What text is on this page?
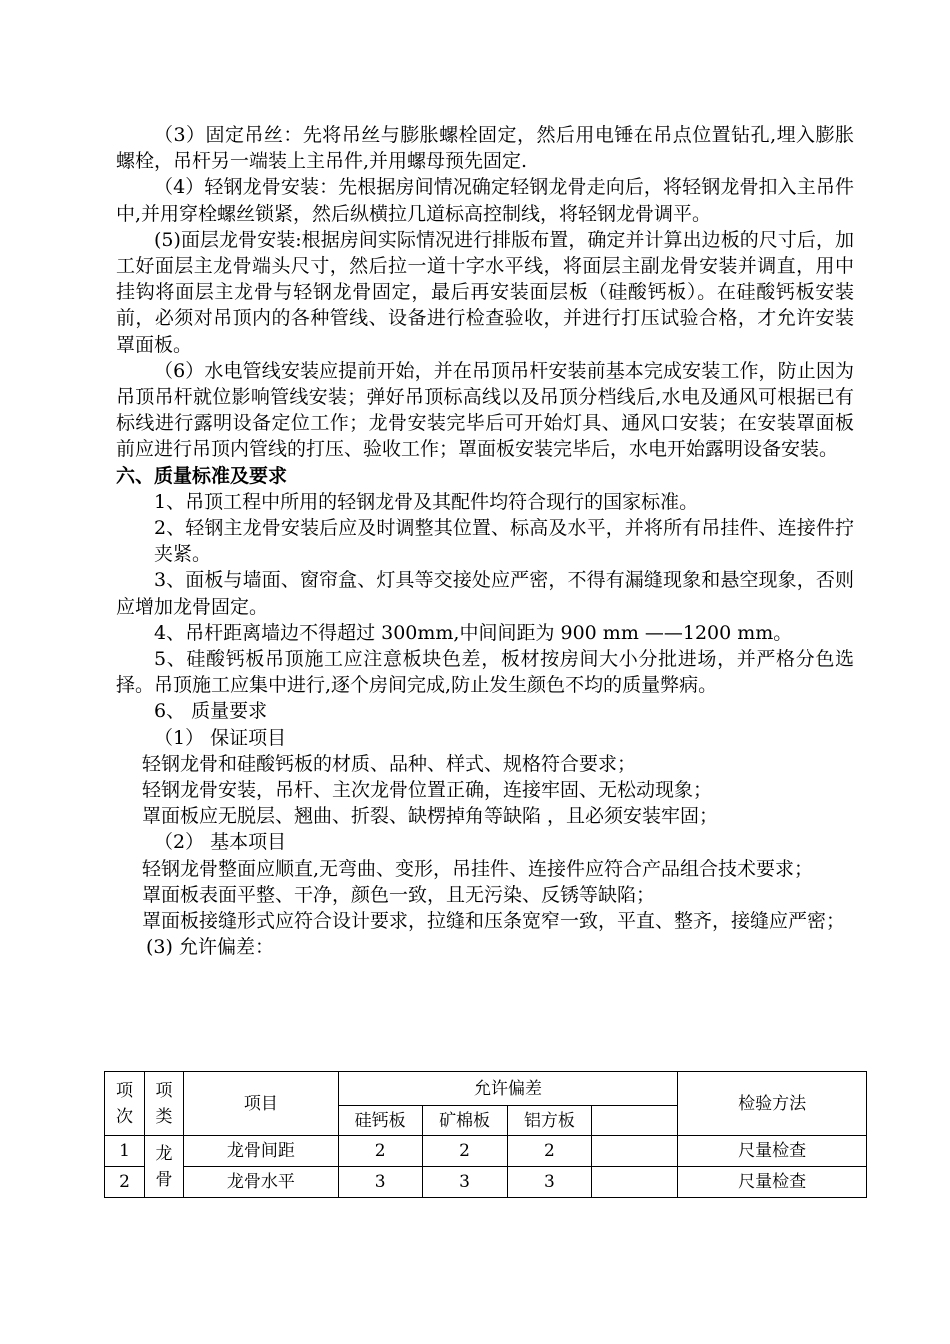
（3）固定吊丝：先将吊丝与膨胀螺栓固定，然后用电锤在吊点位置钻孔,埋入膨胀螺栓，吊杆另一端装上主吊件,并用螺母预先固定.

（4）轻钢龙骨安装：先根据房间情况确定轻钢龙骨走向后，将轻钢龙骨扣入主吊件中,并用穿栓螺丝锁紧，然后纵横拉几道标高控制线，将轻钢龙骨调平。

(5)面层龙骨安装:根据房间实际情况进行排版布置，确定并计算出边板的尺寸后，加工好面层主龙骨端头尺寸，然后拉一道十字水平线，将面层主副龙骨安装并调直，用中挂钩将面层主龙骨与轻钢龙骨固定，最后再安装面层板（硅酸钙板）。在硅酸钙板安装前，必须对吊顶内的各种管线、设备进行检查验收，并进行打压试验合格，才允许安装罩面板。

（6）水电管线安装应提前开始，并在吊顶吊杆安装前基本完成安装工作，防止因为吊顶吊杆就位影响管线安装；弹好吊顶标高线以及吊顶分档线后,水电及通风可根据已有标线进行露明设备定位工作；龙骨安装完毕后可开始灯具、通风口安装；在安装罩面板前应进行吊顶内管线的打压、验收工作；罩面板安装完毕后，水电开始露明设备安装。

六、质量标准及要求

1、吊顶工程中所用的轻钢龙骨及其配件均符合现行的国家标准。

2、轻钢主龙骨安装后应及时调整其位置、标高及水平，并将所有吊挂件、连接件拧夹紧。

3、面板与墙面、窗帘盒、灯具等交接处应严密，不得有漏缝现象和悬空现象，否则应增加龙骨固定。

4、吊杆距离墙边不得超过 300mm,中间间距为 900 mm ——1200 mm。

5、硅酸钙板吊顶施工应注意板块色差，板材按房间大小分批进场，并严格分色选择。吊顶施工应集中进行,逐个房间完成,防止发生颜色不均的质量弊病。

6、 质量要求

（1） 保证项目

轻钢龙骨和硅酸钙板的材质、品种、样式、规格符合要求；

轻钢龙骨安装，吊杆、主次龙骨位置正确，连接牢固、无松动现象；

罩面板应无脱层、翘曲、折裂、缺楞掉角等缺陷 ，且必须安装牢固；

（2） 基本项目

轻钢龙骨整面应顺直,无弯曲、变形，吊挂件、连接件应符合产品组合技术要求；

罩面板表面平整、干净，颜色一致，且无污染、反锈等缺陷；

罩面板接缝形式应符合设计要求，拉缝和压条宽窄一致，平直、整齐，接缝应严密；

(3) 允许偏差：

项次	项类	项目	允许偏差				检验方法
			硅钙板	矿棉板	铝方板		
1	龙骨	龙骨间距	2	2	2		尺量检查
2		龙骨水平	3	3	3		尺量检查
